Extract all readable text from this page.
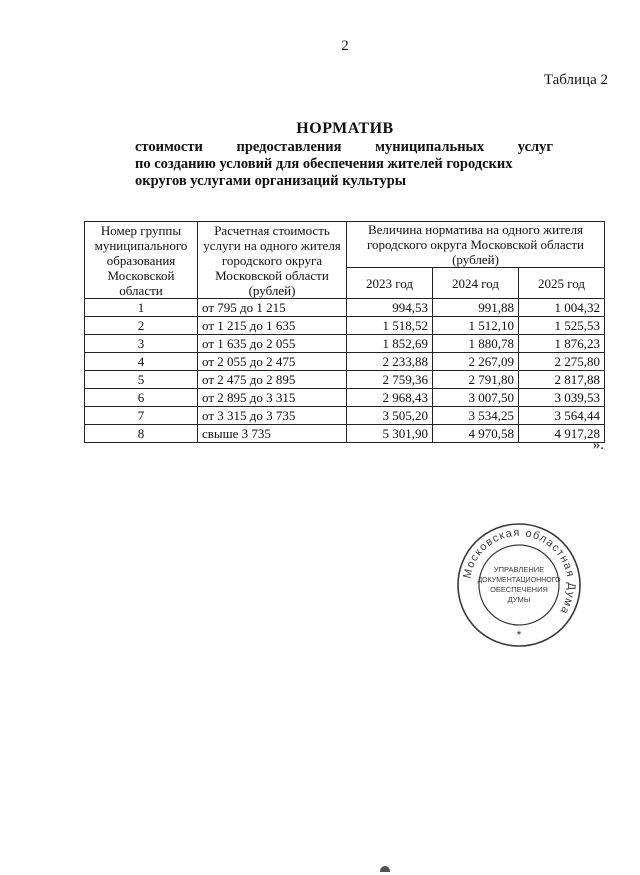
2
Таблица 2
НОРМАТИВ
стоимости предоставления муниципальных услуг
по созданию условий для обеспечения жителей городских
округов услугами организаций культуры
Номер группы муниципального образования Московской области	Расчетная стоимость услуги на одного жителя городского округа Московской области (рублей)	Величина норматива на одного жителя городского округа Московской области (рублей)		
		2023 год	2024 год	2025 год
1	от 795 до 1 215	994,53	991,88	1 004,32
2	от 1 215 до 1 635	1 518,52	1 512,10	1 525,53
3	от 1 635 до 2 055	1 852,69	1 880,78	1 876,23
4	от 2 055 до 2 475	2 233,88	2 267,09	2 275,80
5	от 2 475 до 2 895	2 759,36	2 791,80	2 817,88
6	от 2 895 до 3 315	2 968,43	3 007,50	3 039,53
7	от 3 315 до 3 735	3 505,20	3 534,25	3 564,44
8	свыше 3 735	5 301,90	4 970,58	4 917,28
».
Московская областная Дума
УПРАВЛЕНИЕ
ДОКУМЕНТАЦИОННОГО
ОБЕСПЕЧЕНИЯ
ДУМЫ
*
